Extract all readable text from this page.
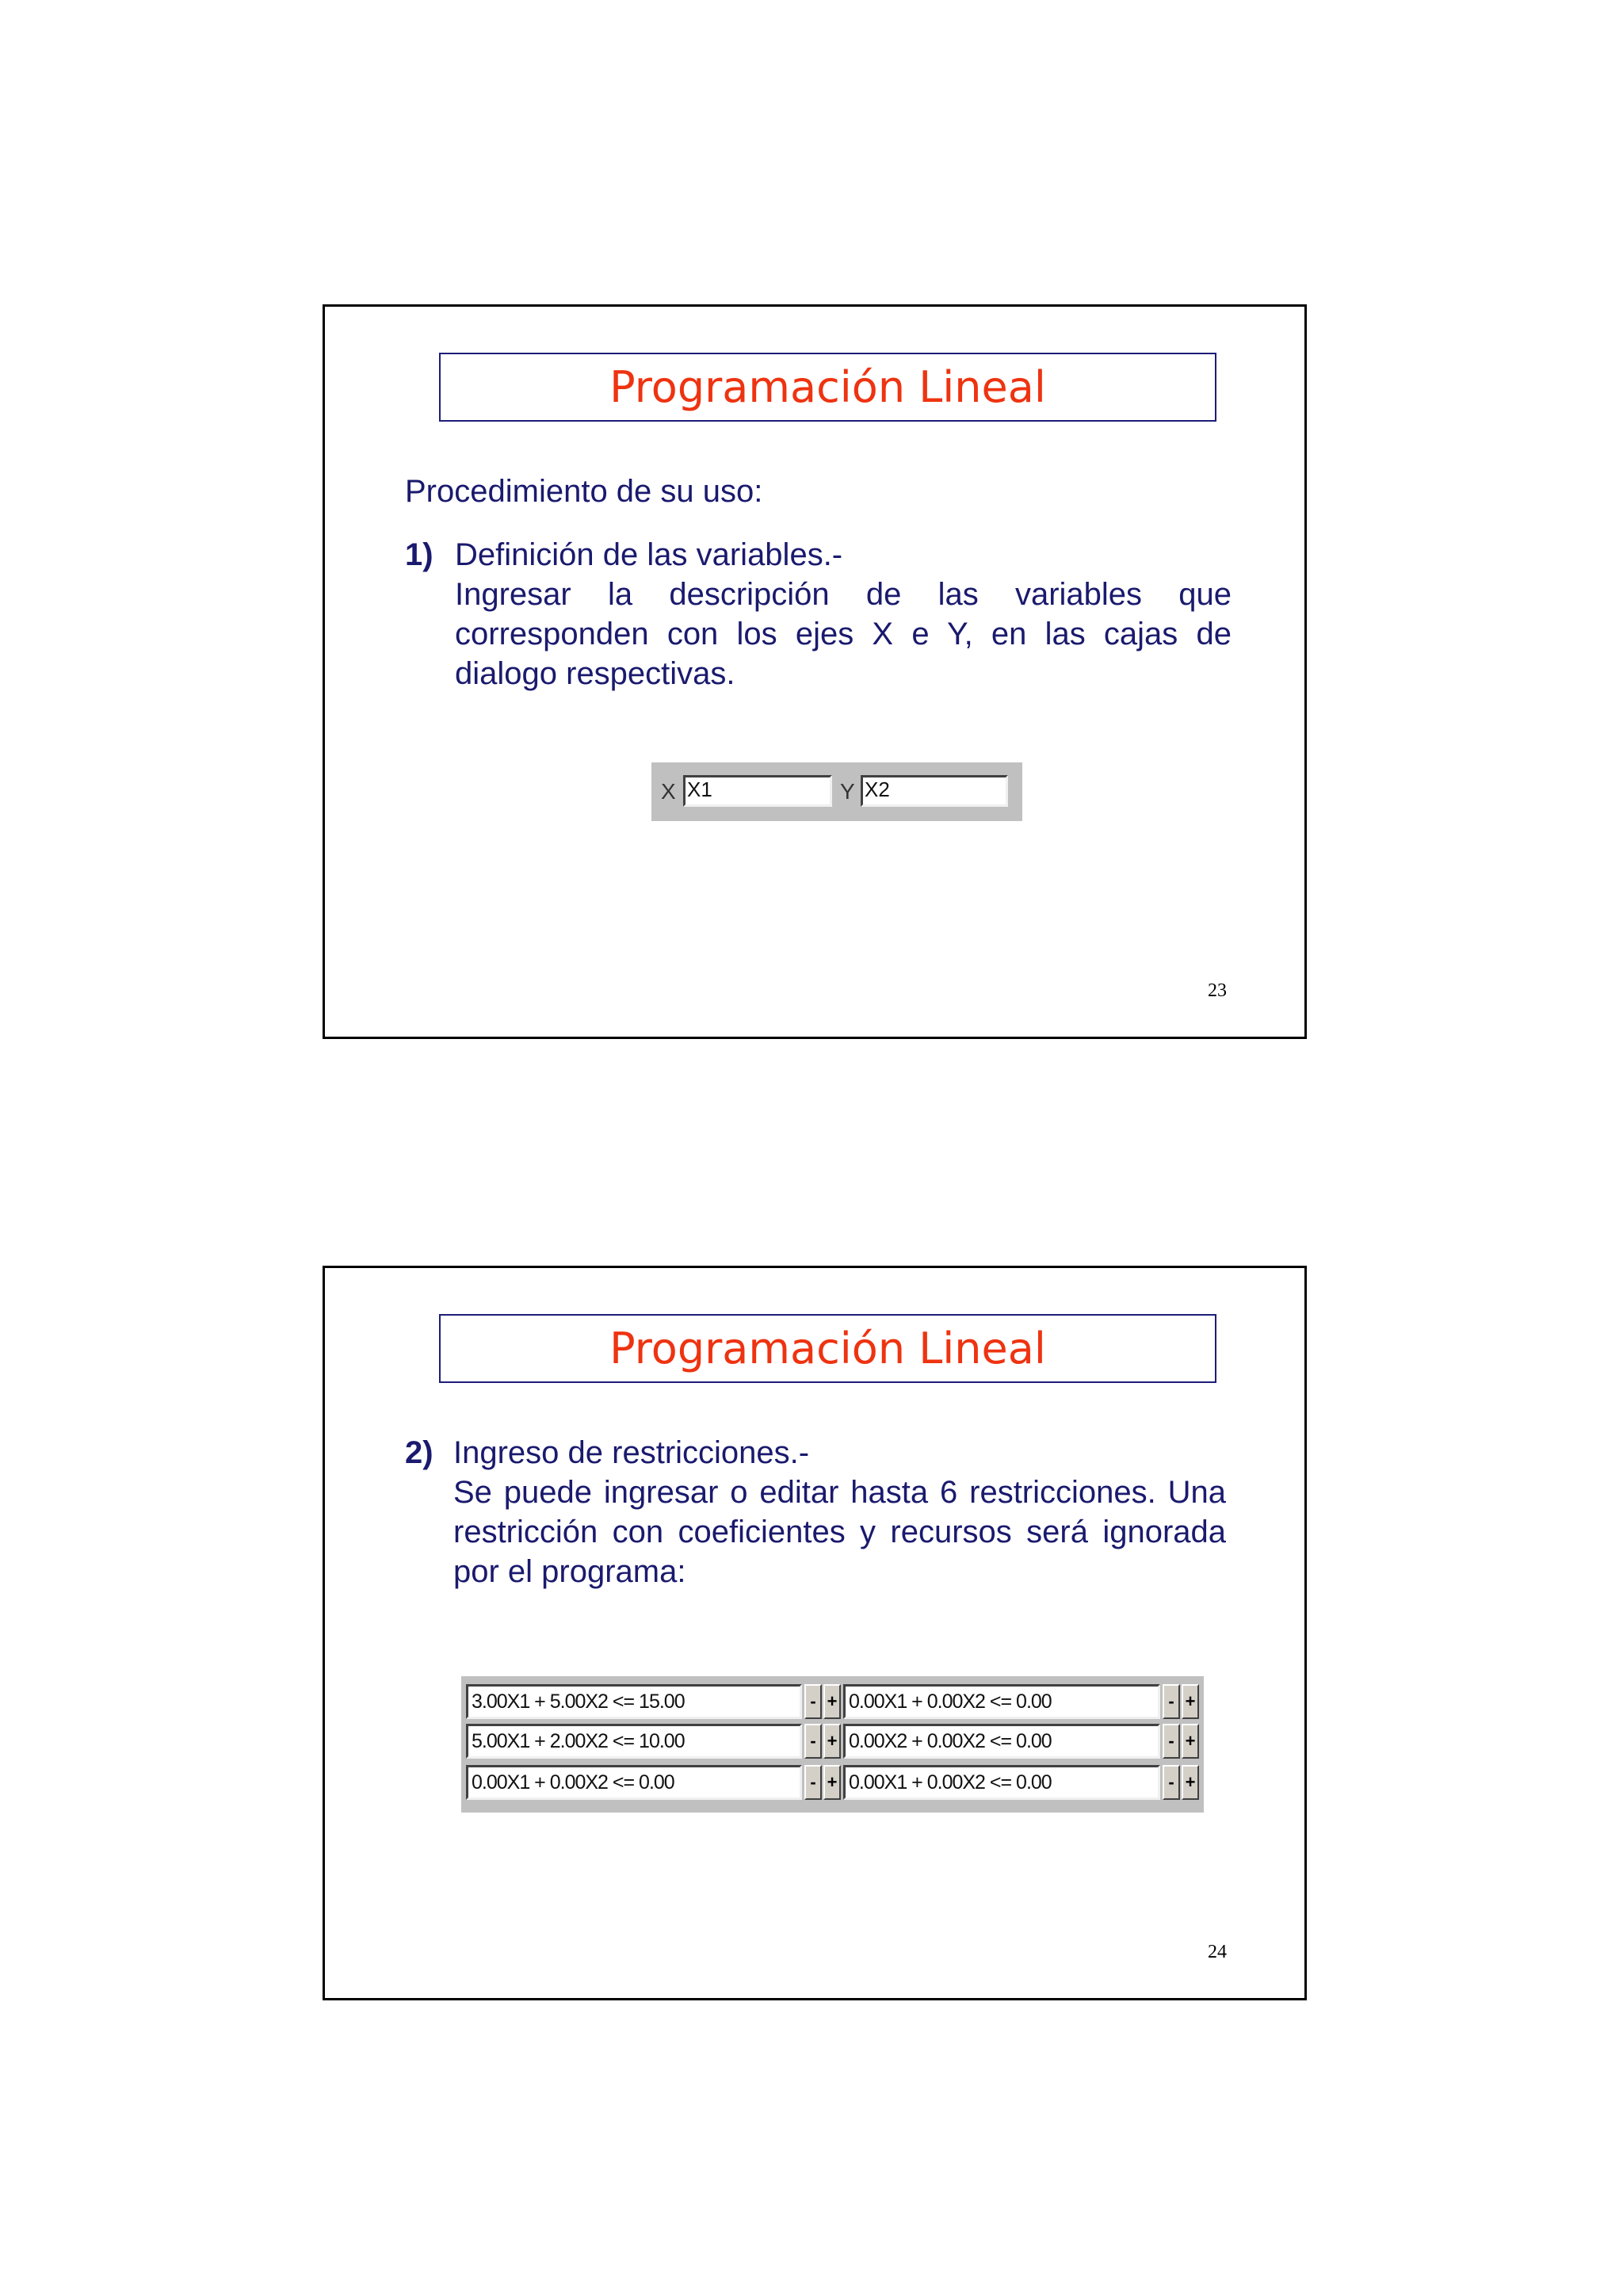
Programación Lineal
Procedimiento de su uso:
1) Definición de las variables.-
Ingresar la descripción de las variables que corresponden con los ejes X e Y, en las cajas de dialogo respectivas.
X X1	Y X2
23
Programación Lineal
2) Ingreso de restricciones.-
Se puede ingresar o editar hasta 6 restricciones. Una restricción con coeficientes y recursos será ignorada por el programa:
3.00X1 + 5.00X2 <= 15.00	- + 0.00X1 + 0.00X2 <= 0.00	- +
5.00X1 + 2.00X2 <= 10.00	- + 0.00X2 + 0.00X2 <= 0.00	- +
0.00X1 + 0.00X2 <= 0.00	- + 0.00X1 + 0.00X2 <= 0.00	- +
24
